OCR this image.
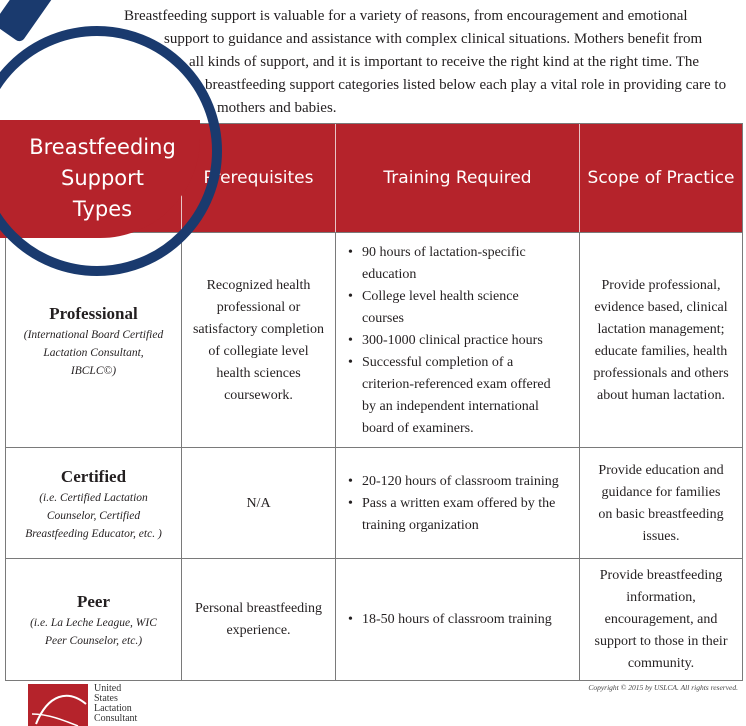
Breastfeeding support is valuable for a variety of reasons, from encouragement and emotional
support to guidance and assistance with complex clinical situations. Mothers benefit from
all kinds of support, and it is important to receive the right kind at the right time. The
breastfeeding support categories listed below each play a vital role in providing care to
mothers and babies.
Prerequisites	Training Required	Scope of Practice
Breastfeeding
Support
Types
Professional
(International Board Certified
Lactation Consultant,
IBCLC©)
Recognized health
professional or
satisfactory completion
of collegiate level
health sciences
coursework.
• 90 hours of lactation-specific
education
• College level health science
courses
• 300-1000 clinical practice hours
• Successful completion of a
criterion-referenced exam offered
by an independent international
board of examiners.
Provide professional,
evidence based, clinical
lactation management;
educate families, health
professionals and others
about human lactation.
Certified
(i.e. Certified Lactation
Counselor, Certified
Breastfeeding Educator, etc. )
N/A
• 20-120 hours of classroom training
• Pass a written exam offered by the
training organization
Provide education and
guidance for families
on basic breastfeeding
issues.
Peer
(i.e. La Leche League, WIC
Peer Counselor, etc.)
Personal breastfeeding
experience.
• 18-50 hours of classroom training
Provide breastfeeding
information,
encouragement, and
support to those in their
community.
United
States
Lactation
Consultant
Copyright © 2015 by USLCA. All rights reserved.
